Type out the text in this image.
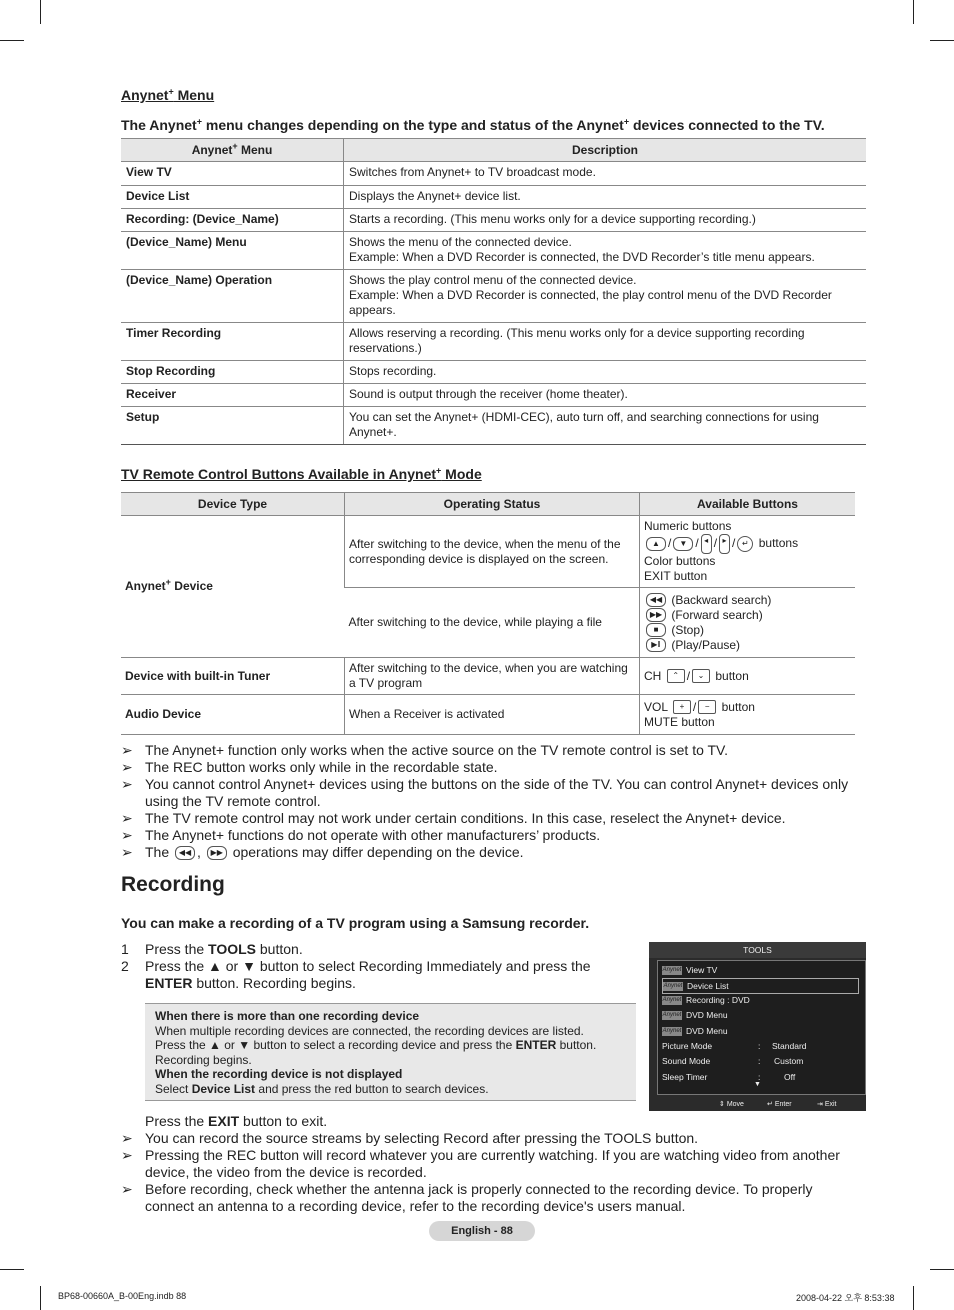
Anynet+ Menu
The Anynet+ menu changes depending on the type and status of the Anynet+ devices connected to the TV.
Anynet+ Menu	Description
View TV	Switches from Anynet+ to TV broadcast mode.
Device List	Displays the Anynet+ device list.
Recording: (Device_Name)	Starts a recording. (This menu works only for a device supporting recording.)
(Device_Name) Menu	Shows the menu of the connected device.
Example: When a DVD Recorder is connected, the DVD Recorder’s title menu appears.

(Device_Name) Operation	Shows the play control menu of the connected device.
Example: When a DVD Recorder is connected, the play control menu of the DVD Recorder appears.

Timer Recording	Allows reserving a recording. (This menu works only for a device supporting recording reservations.)
Stop Recording	Stops recording.
Receiver	Sound is output through the receiver (home theater).
Setup	You can set the Anynet+ (HDMI-CEC), auto turn off, and searching connections for using Anynet+.
TV Remote Control Buttons Available in Anynet+ Mode
Device Type	Operating Status	Available Buttons
Anynet+ Device	After switching to the device, when the menu of the corresponding device is displayed on the screen.	Numeric buttons
▲ / ▼ / ◂ / ▸ / ↵ buttons
Color buttons
EXIT button

	After switching to the device, while playing a file	◀◀ (Backward search)
▶▶ (Forward search)
■ (Stop)
▶‖ (Play/Pause)

Device with built-in Tuner	After switching to the device, when you are watching a TV program	CH ⌃ / ⌄ button
Audio Device	When a Receiver is activated	VOL + / − button
MUTE button
➢ The Anynet+ function only works when the active source on the TV remote control is set to TV.
➢ The REC button works only while in the recordable state.
➢ You cannot control Anynet+ devices using the buttons on the side of the TV. You can control Anynet+ devices only using the TV remote control.
➢ The TV remote control may not work under certain conditions. In this case, reselect the Anynet+ device.
➢ The Anynet+ functions do not operate with other manufacturers’ products.
➢ The ◀◀ , ▶▶ operations may differ depending on the device.
Recording
You can make a recording of a TV program using a Samsung recorder.
1 Press the TOOLS button.
2 Press the ▲ or ▼ button to select Recording Immediately and press the ENTER button. Recording begins.
When there is more than one recording device
When multiple recording devices are connected, the recording devices are listed.
Press the ▲ or ▼ button to select a recording device and press the ENTER button. Recording begins.
When the recording device is not displayed
Select Device List and press the red button to search devices.
TOOLS
Anynet View TV
Anynet Device List
Anynet Recording : DVD
Anynet DVD Menu
Anynet DVD Menu
Picture Mode	: Standard
Sound Mode	: Custom
Sleep Timer	:	Off
▼
⇕ Move	↵ Enter	⇥ Exit
Press the EXIT button to exit.
➢ You can record the source streams by selecting Record after pressing the TOOLS button.
➢ Pressing the REC button will record whatever you are currently watching. If you are watching video from another device, the video from the device is recorded.
➢ Before recording, check whether the antenna jack is properly connected to the recording device. To properly connect an antenna to a recording device, refer to the recording device's users manual.
English - 88
BP68-00660A_B-00Eng.indb 88	2008-04-22 오후 8:53:38
